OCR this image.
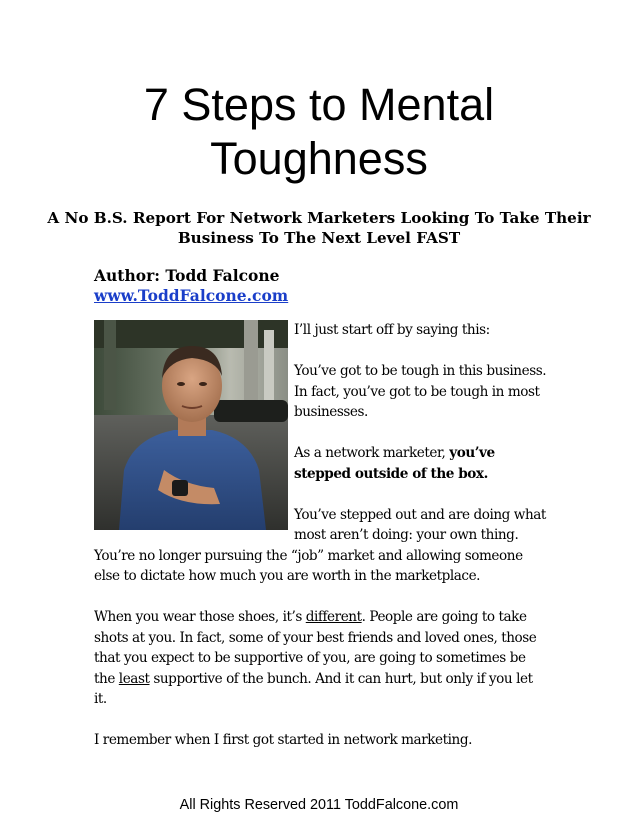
7 Steps to Mental Toughness

A No B.S. Report For Network Marketers Looking To Take Their Business To The Next Level FAST

Author: Todd Falcone
www.ToddFalcone.com

I’ll just start off by saying this:

You’ve got to be tough in this business. In fact, you’ve got to be tough in most businesses.

As a network marketer, you’ve stepped outside of the box.

You’ve stepped out and are doing what most aren’t doing: your own thing. You’re no longer pursuing the “job” market and allowing someone else to dictate how much you are worth in the marketplace.

When you wear those shoes, it’s different. People are going to take shots at you. In fact, some of your best friends and loved ones, those that you expect to be supportive of you, are going to sometimes be the least supportive of the bunch. And it can hurt, but only if you let it.

I remember when I first got started in network marketing.

All Rights Reserved 2011 ToddFalcone.com
